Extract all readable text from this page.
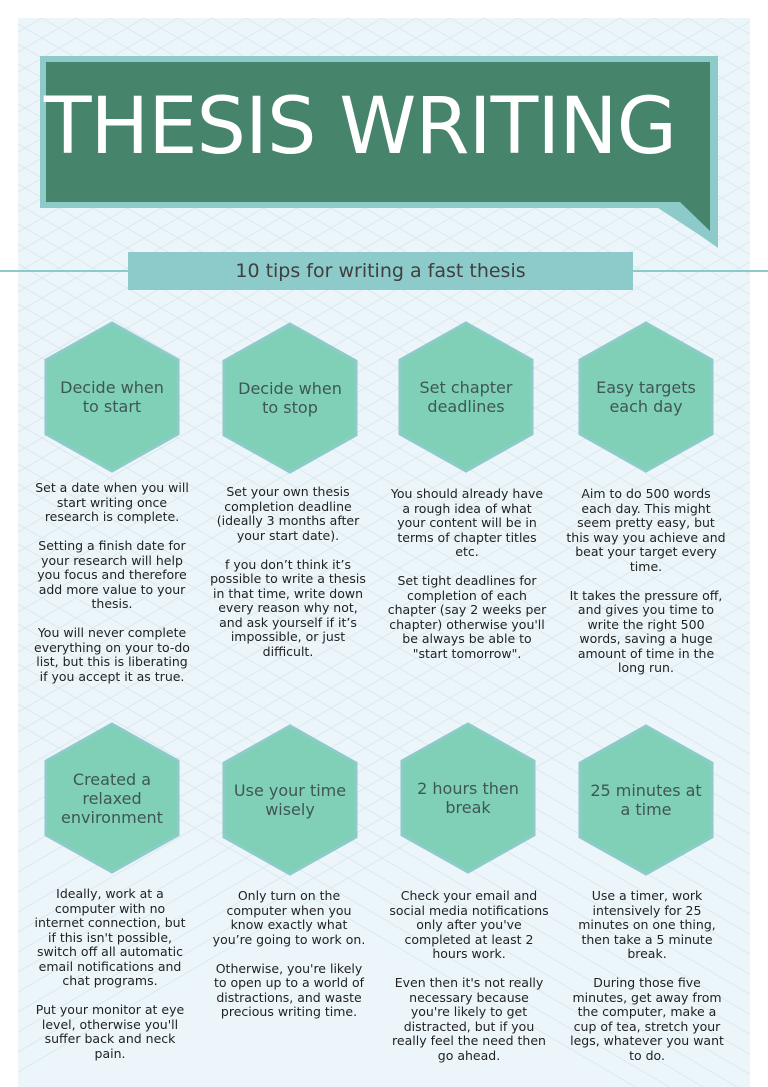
THESIS WRITING
10 tips for writing a fast thesis
Decide when to start
Decide when to stop
Set chapter deadlines
Easy targets each day

Set a date when you will start writing once research is complete.

Setting a finish date for your research will help you focus and therefore add more value to your thesis.

You will never complete everything on your to-do list, but this is liberating if you accept it as true.

Set your own thesis completion deadline (ideally 3 months after your start date).

f you don’t think it’s possible to write a thesis in that time, write down every reason why not, and ask yourself if it’s impossible, or just difficult.

You should already have a rough idea of what your content will be in terms of chapter titles etc.

Set tight deadlines for completion of each chapter (say 2 weeks per chapter) otherwise you'll be always be able to "start tomorrow".

Aim to do 500 words each day. This might seem pretty easy, but this way you achieve and beat your target every time.

It takes the pressure off, and gives you time to write the right 500 words, saving a huge amount of time in the long run.

Created a relaxed environment
Use your time wisely
2 hours then break
25 minutes at a time

Ideally, work at a computer with no internet connection, but if this isn't possible, switch off all automatic email notifications and chat programs.

Put your monitor at eye level, otherwise you'll suffer back and neck pain.

Only turn on the computer when you know exactly what you’re going to work on.

Otherwise, you're likely to open up to a world of distractions, and waste precious writing time.

Check your email and social media notifications only after you've completed at least 2 hours work.

Even then it's not really necessary because you're likely to get distracted, but if you really feel the need then go ahead.

Use a timer, work intensively for 25 minutes on one thing, then take a 5 minute break.

During those five minutes, get away from the computer, make a cup of tea, stretch your legs, whatever you want to do.
